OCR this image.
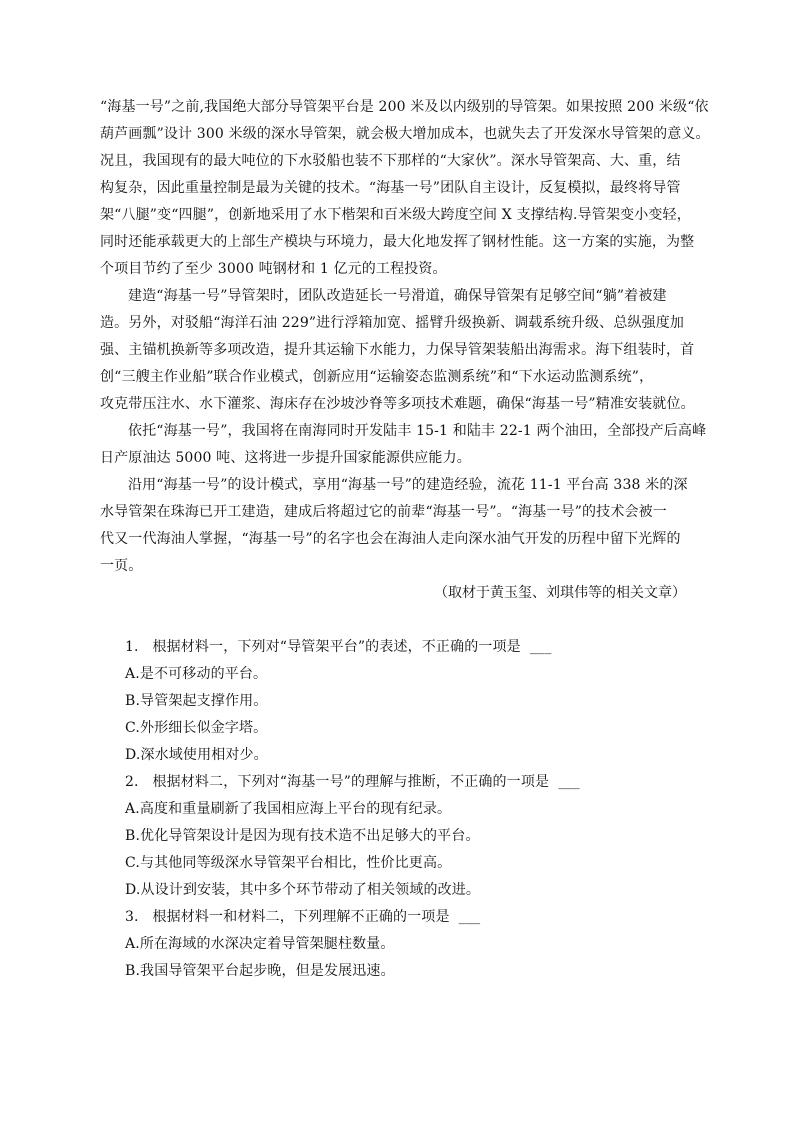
“海基一号”之前,我国绝大部分导管架平台是 200 米及以内级别的导管架。如果按照 200 米级“依
葫芦画瓢”设计 300 米级的深水导管架，就会极大增加成本，也就失去了开发深水导管架的意义。
况且，我国现有的最大吨位的下水驳船也装不下那样的“大家伙”。深水导管架高、大、重，结
构复杂，因此重量控制是最为关键的技术。“海基一号”团队自主设计，反复模拟，最终将导管
架“八腿”变“四腿”，创新地采用了水下楷架和百米级大跨度空间 X 支撑结构.导管架变小变轻，
同时还能承载更大的上部生产模块与环境力，最大化地发挥了钢材性能。这一方案的实施，为整
个项目节约了至少 3000 吨钢材和 1 亿元的工程投资。
建造“海基一号”导管架时，团队改造延长一号滑道，确保导管架有足够空间“躺”着被建
造。另外，对驳船“海洋石油 229”进行浮箱加宽、摇臂升级换新、调载系统升级、总纵强度加
强、主锚机换新等多项改造，提升其运输下水能力，力保导管架装船出海需求。海下组装时，首
创“三艘主作业船”联合作业模式，创新应用“运输姿态监测系统”和“下水运动监测系统”，
攻克带压注水、水下灌浆、海床存在沙坡沙脊等多项技术难题，确保“海基一号”精准安装就位。
依托“海基一号”，我国将在南海同时开发陆丰 15-1 和陆丰 22-1 两个油田，全部投产后高峰
日产原油达 5000 吨、这将进一步提升国家能源供应能力。
沿用“海基一号”的设计模式，享用“海基一号”的建造经验，流花 11-1 平台高 338 米的深
水导管架在珠海已开工建造，建成后将超过它的前辈“海基一号”。“海基一号”的技术会被一
代又一代海油人掌握，“海基一号”的名字也会在海油人走向深水油气开发的历程中留下光辉的
一页。
（取材于黄玉玺、刘琪伟等的相关文章）
1.   根据材料一，下列对“导管架平台”的表述，不正确的一项是  ___
A.是不可移动的平台。
B.导管架起支撑作用。
C.外形细长似金字塔。
D.深水域使用相对少。
2.   根据材料二，下列对“海基一号”的理解与推断，不正确的一项是  ___
A.高度和重量刷新了我国相应海上平台的现有纪录。
B.优化导管架设计是因为现有技术造不出足够大的平台。
C.与其他同等级深水导管架平台相比，性价比更高。
D.从设计到安装，其中多个环节带动了相关领域的改进。
3.   根据材料一和材料二，下列理解不正确的一项是  ___
A.所在海域的水深决定着导管架腿柱数量。
B.我国导管架平台起步晚，但是发展迅速。
